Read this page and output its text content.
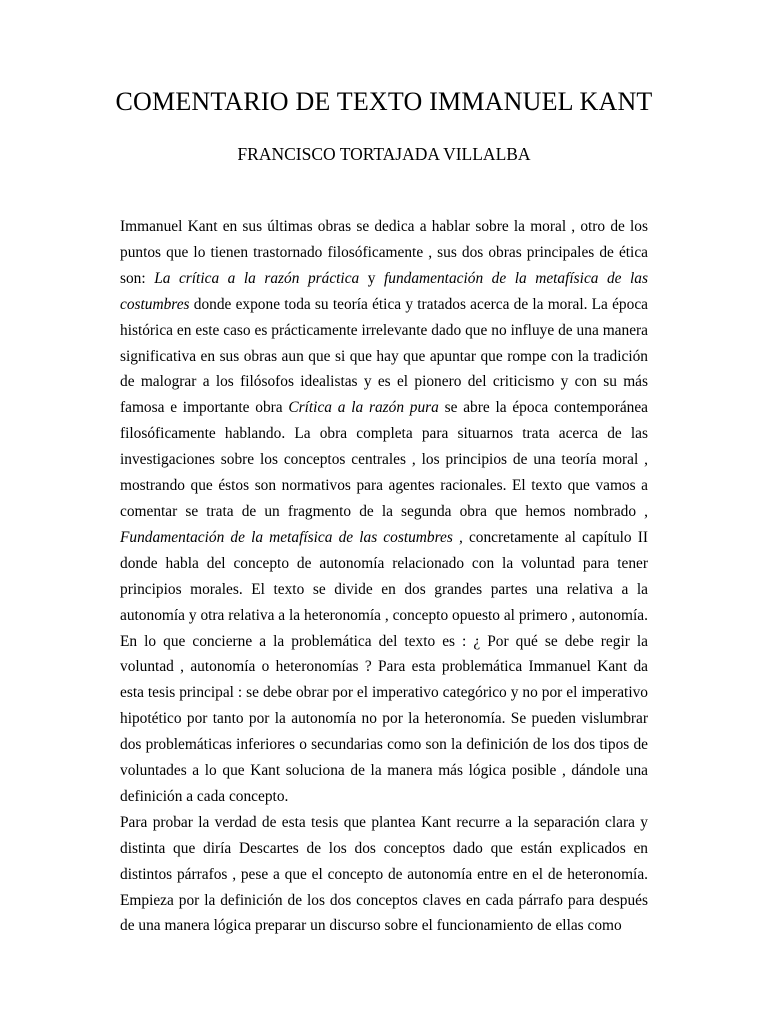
COMENTARIO DE TEXTO IMMANUEL KANT
FRANCISCO TORTAJADA VILLALBA

Immanuel Kant en sus últimas obras se dedica a hablar sobre la moral , otro de los puntos que lo tienen trastornado filosóficamente , sus dos obras principales de ética son: La crítica a la razón práctica y fundamentación de la metafísica de las costumbres donde expone toda su teoría ética y tratados acerca de la moral. La época histórica en este caso es prácticamente irrelevante dado que no influye de una manera significativa en sus obras aun que si que hay que apuntar que rompe con la tradición de malograr a los filósofos idealistas y es el pionero del criticismo y con su más famosa e importante obra Crítica a la razón pura se abre la época contemporánea filosóficamente hablando. La obra completa para situarnos trata acerca de las investigaciones sobre los conceptos centrales , los principios de una teoría moral , mostrando que éstos son normativos para agentes racionales. El texto que vamos a comentar se trata de un fragmento de la segunda obra que hemos nombrado , Fundamentación de la metafísica de las costumbres , concretamente al capítulo II donde habla del concepto de autonomía relacionado con la voluntad para tener principios morales. El texto se divide en dos grandes partes una relativa a la autonomía y otra relativa a la heteronomía , concepto opuesto al primero , autonomía. En lo que concierne a la problemática del texto es : ¿ Por qué se debe regir la voluntad , autonomía o heteronomías ? Para esta problemática Immanuel Kant da esta tesis principal : se debe obrar por el imperativo categórico y no por el imperativo hipotético por tanto por la autonomía no por la heteronomía. Se pueden vislumbrar dos problemáticas inferiores o secundarias como son la definición de los dos tipos de voluntades a lo que Kant soluciona de la manera más lógica posible , dándole una definición a cada concepto.

Para probar la verdad de esta tesis que plantea Kant recurre a la separación clara y distinta que diría Descartes de los dos conceptos dado que están explicados en distintos párrafos , pese a que el concepto de autonomía entre en el de heteronomía. Empieza por la definición de los dos conceptos claves en cada párrafo para después de una manera lógica preparar un discurso sobre el funcionamiento de ellas como
